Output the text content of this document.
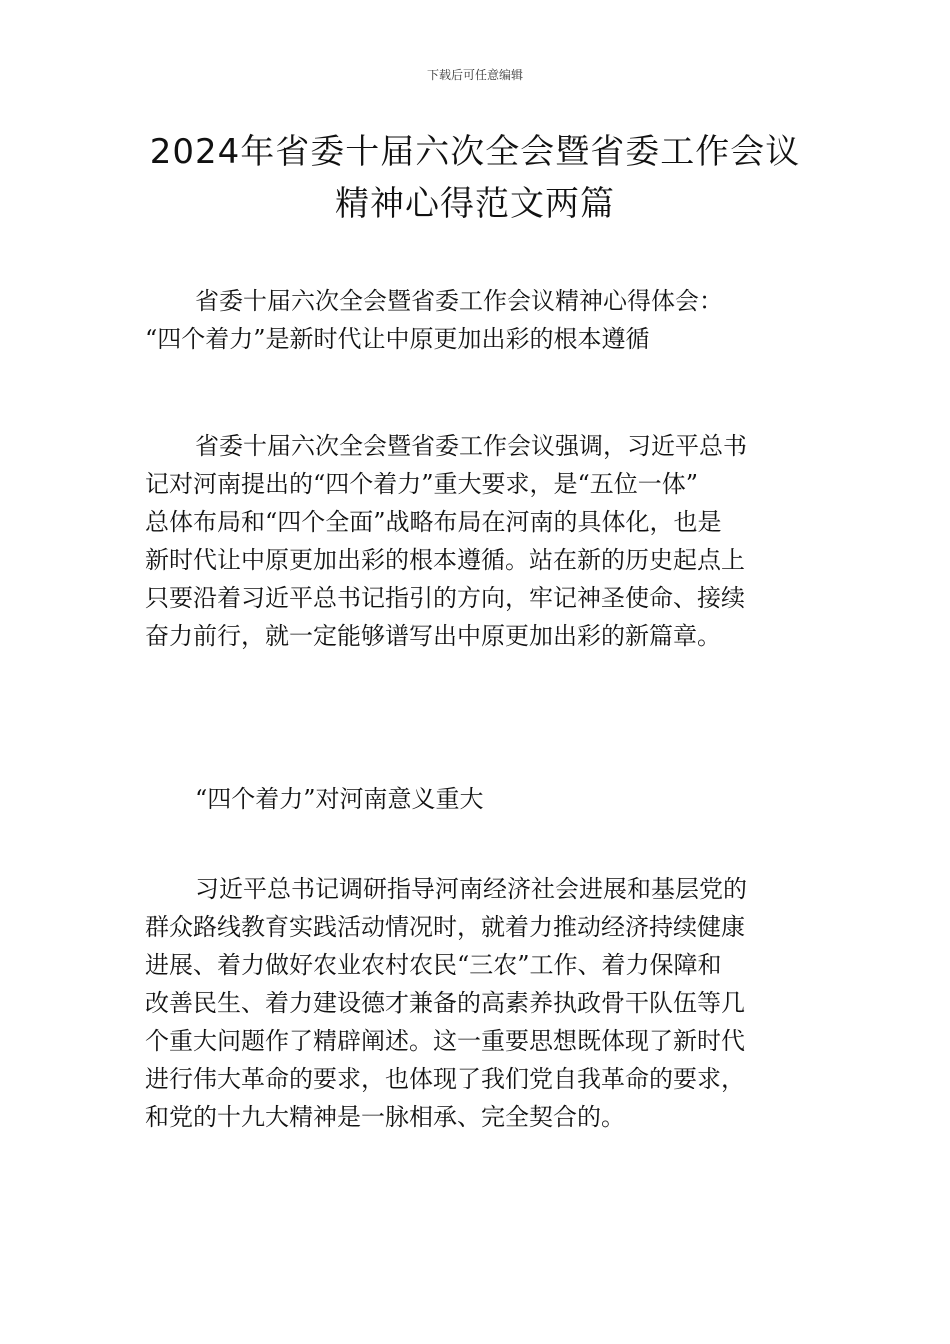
下载后可任意编辑
2024年省委十届六次全会暨省委工作会议
精神心得范文两篇

省委十届六次全会暨省委工作会议精神心得体会：
“四个着力”是新时代让中原更加出彩的根本遵循

省委十届六次全会暨省委工作会议强调，习近平总书
记对河南提出的“四个着力”重大要求，是“五位一体”
总体布局和“四个全面”战略布局在河南的具体化，也是
新时代让中原更加出彩的根本遵循。站在新的历史起点上
只要沿着习近平总书记指引的方向，牢记神圣使命、接续
奋力前行，就一定能够谱写出中原更加出彩的新篇章。

“四个着力”对河南意义重大

习近平总书记调研指导河南经济社会进展和基层党的
群众路线教育实践活动情况时，就着力推动经济持续健康
进展、着力做好农业农村农民“三农”工作、着力保障和
改善民生、着力建设德才兼备的高素养执政骨干队伍等几
个重大问题作了精辟阐述。这一重要思想既体现了新时代
进行伟大革命的要求，也体现了我们党自我革命的要求，
和党的十九大精神是一脉相承、完全契合的。
